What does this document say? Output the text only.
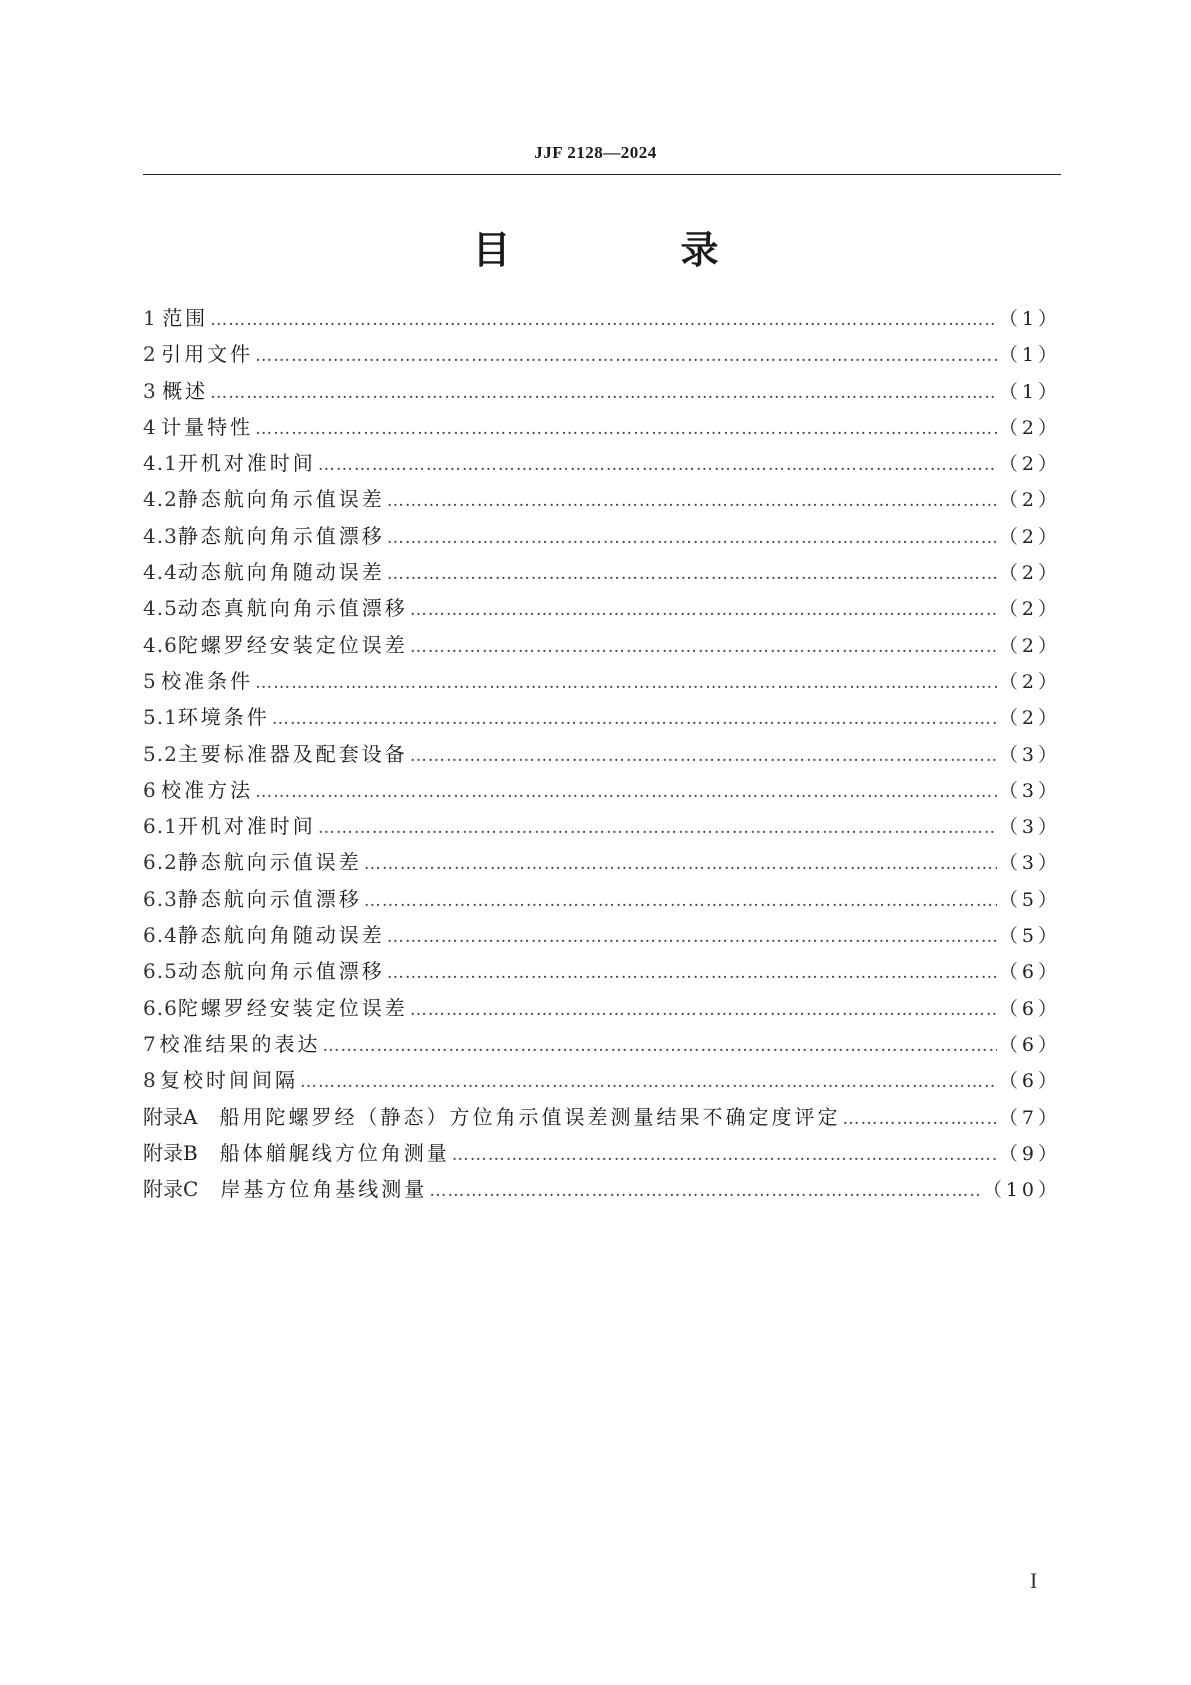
JJF 2128—2024
目　录
1 范围 …………………………………………………………………………………………………………………………………………………………………………………………………………………………	（1）
2 引用文件 …………………………………………………………………………………………………………………………………………………………………………………………………………………………	（1）
3 概述 …………………………………………………………………………………………………………………………………………………………………………………………………………………………	（1）
4 计量特性 …………………………………………………………………………………………………………………………………………………………………………………………………………………………	（2）
4.1 开机对准时间 …………………………………………………………………………………………………………………………………………………………………………………………………………………………	（2）
4.2 静态航向角示值误差 …………………………………………………………………………………………………………………………………………………………………………………………………………………………	（2）
4.3 静态航向角示值漂移 …………………………………………………………………………………………………………………………………………………………………………………………………………………………	（2）
4.4 动态航向角随动误差 …………………………………………………………………………………………………………………………………………………………………………………………………………………………	（2）
4.5 动态真航向角示值漂移 …………………………………………………………………………………………………………………………………………………………………………………………………………………………	（2）
4.6 陀螺罗经安装定位误差 …………………………………………………………………………………………………………………………………………………………………………………………………………………………	（2）
5 校准条件 …………………………………………………………………………………………………………………………………………………………………………………………………………………………	（2）
5.1 环境条件 …………………………………………………………………………………………………………………………………………………………………………………………………………………………	（2）
5.2 主要标准器及配套设备 …………………………………………………………………………………………………………………………………………………………………………………………………………………………	（3）
6 校准方法 …………………………………………………………………………………………………………………………………………………………………………………………………………………………	（3）
6.1 开机对准时间 …………………………………………………………………………………………………………………………………………………………………………………………………………………………	（3）
6.2 静态航向示值误差 …………………………………………………………………………………………………………………………………………………………………………………………………………………………	（3）
6.3 静态航向示值漂移 …………………………………………………………………………………………………………………………………………………………………………………………………………………………	（5）
6.4 静态航向角随动误差 …………………………………………………………………………………………………………………………………………………………………………………………………………………………	（5）
6.5 动态航向角示值漂移 …………………………………………………………………………………………………………………………………………………………………………………………………………………………	（6）
6.6 陀螺罗经安装定位误差 …………………………………………………………………………………………………………………………………………………………………………………………………………………………	（6）
7 校准结果的表达 …………………………………………………………………………………………………………………………………………………………………………………………………………………………	（6）
8 复校时间间隔 …………………………………………………………………………………………………………………………………………………………………………………………………………………………	（6）
附录A	船用陀螺罗经（静态）方位角示值误差测量结果不确定度评定 …………………………………………………………………………………………………………………………………………………………………………………………………………………………	（7）
附录B	船体艏艉线方位角测量 …………………………………………………………………………………………………………………………………………………………………………………………………………………………	（9）
附录C	岸基方位角基线测量 …………………………………………………………………………………………………………………………………………………………………………………………………………………………	（10）
I
